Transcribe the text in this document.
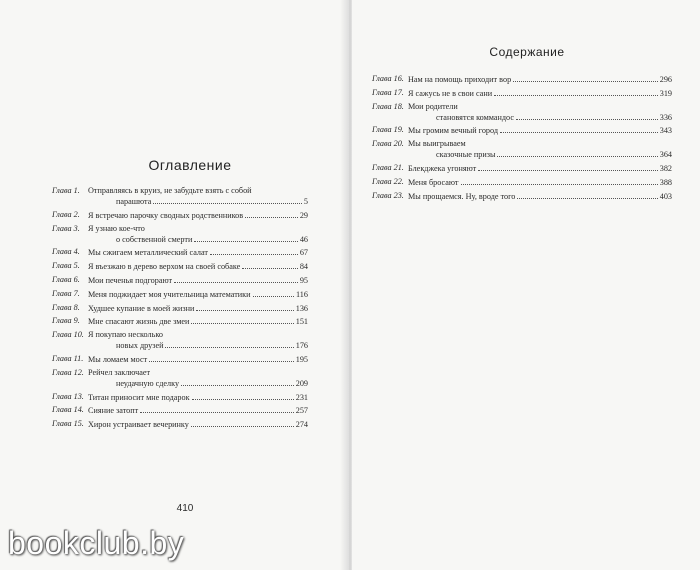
Оглавление
Глава 1.	Отправляясь в круиз, не забудьте взять с собой
парашюта	5
Глава 2.	Я встречаю парочку сводных родственников	29
Глава 3.	Я узнаю кое-что
о собственной смерти	46
Глава 4.	Мы сжигаем металлический салат	67
Глава 5.	Я въезжаю в дерево верхом на своей собаке	84
Глава 6.	Мои печенья подгорают	95
Глава 7.	Меня поджидает моя учительница математики	116
Глава 8.	Худшее купание в моей жизни	136
Глава 9.	Мне спасают жизнь две змеи	151
Глава 10. Я покупаю несколько
новых друзей	176
Глава 11. Мы ломаем мост	195
Глава 12. Рейчел заключает
неудачную сделку	209
Глава 13. Титан приносит мне подарок	231
Глава 14. Сияние затопт	257
Глава 15. Хирон устраивает вечеринку	274
410
Содержание
Глава 16. Нам на помощь приходит вор	296
Глава 17. Я сажусь не в свои сани	319
Глава 18. Мои родители
становятся коммандос	336
Глава 19. Мы громим вечный город	343
Глава 20. Мы выигрываем
сказочные призы	364
Глава 21. Блекджека угоняют	382
Глава 22. Меня бросают	388
Глава 23. Мы прощаемся. Ну, вроде того	403
bookclub.by
